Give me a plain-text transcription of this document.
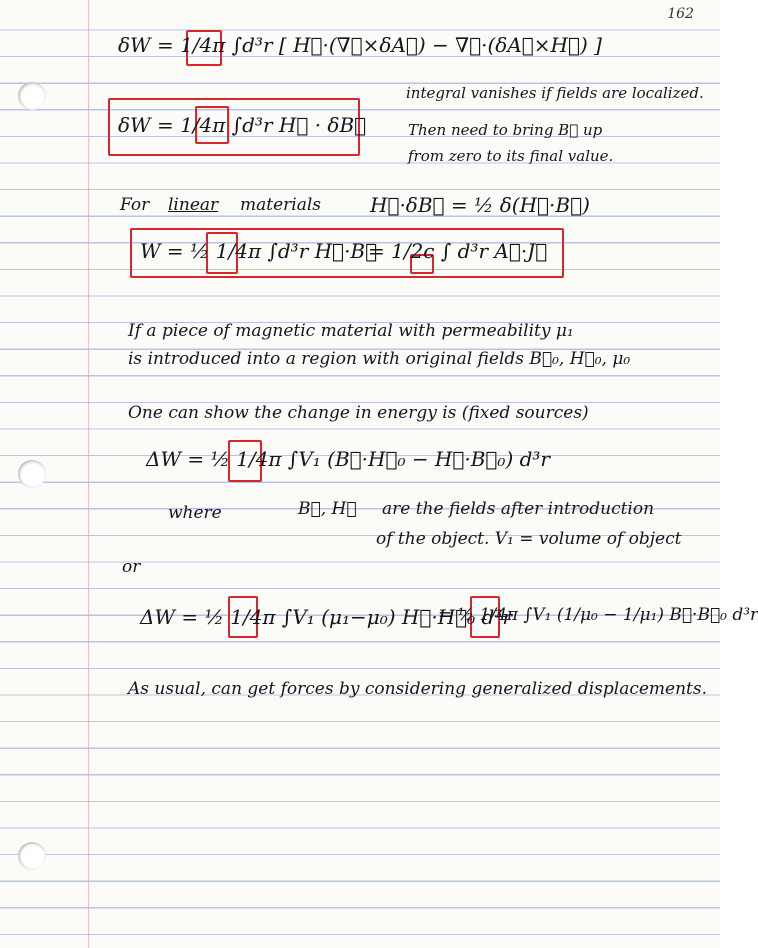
162
δW = 1/4π ∫d³r [ H⃗·(∇⃗×δA⃗) − ∇⃗·(δA⃗×H⃗) ]
integral vanishes if fields are localized.
δW = 1/4π ∫d³r H⃗ · δB⃗	Then need to bring B⃗ up
from zero to its final value.
For linear materials H⃗·δB⃗ = ½ δ(H⃗·B⃗)
W = ½ 1/4π ∫d³r H⃗·B⃗
= 1/2c ∫ d³r A⃗·J⃗
If a piece of magnetic material with permeability μ₁
is introduced into a region with original fields B⃗₀, H⃗₀, μ₀
One can show the change in energy is (fixed sources)
ΔW = ½ 1/4π ∫V₁ (B⃗·H⃗₀ − H⃗·B⃗₀) d³r
where	B⃗, H⃗ are the fields after introduction
of the object. V₁ = volume of object
or
ΔW = ½ 1/4π ∫V₁ (μ₁−μ₀) H⃗·H⃗₀ d³r
= ½ 1/4π ∫V₁ (1/μ₀ − 1/μ₁) B⃗·B⃗₀ d³r
As usual, can get forces by considering generalized displacements.
